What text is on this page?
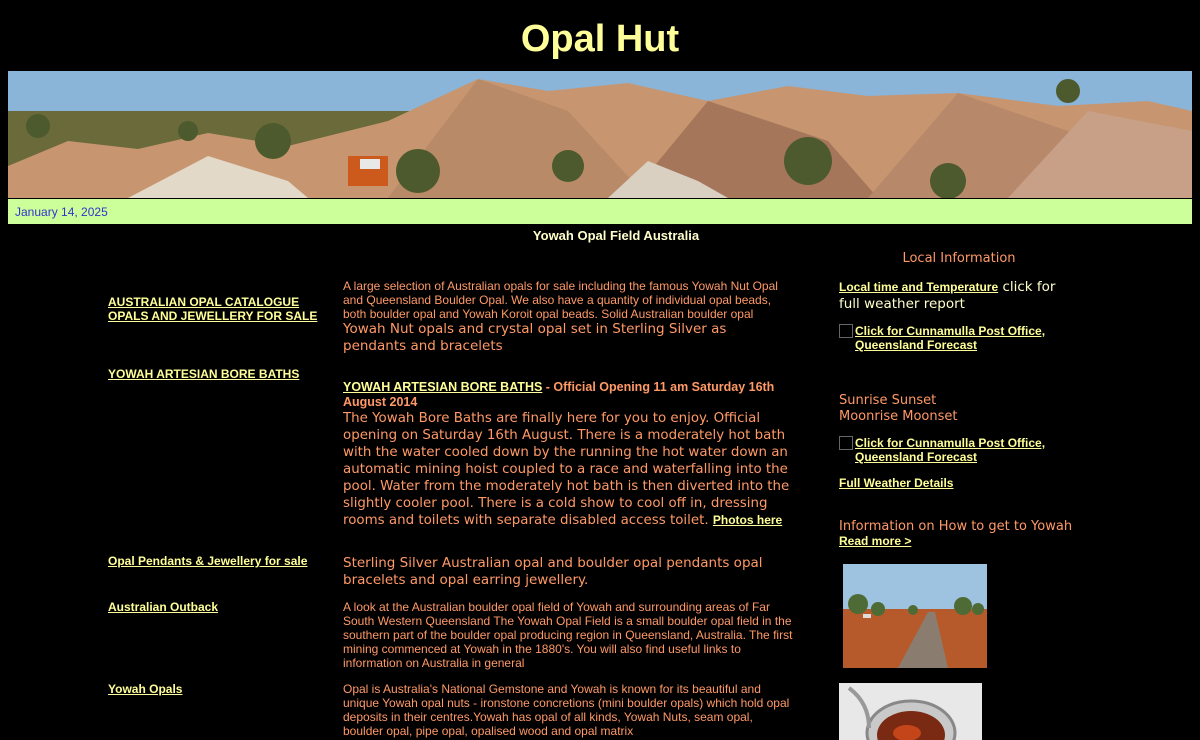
Opal Hut
January 14, 2025
Yowah Opal Field Australia
AUSTRALIAN OPAL CATALOGUE OPALS AND JEWELLERY FOR SALE
YOWAH ARTESIAN BORE BATHS
Opal Pendants & Jewellery for sale
Australian Outback
Yowah Opals
A large selection of Australian opals for sale including the famous Yowah Nut Opal and Queensland Boulder Opal. We also have a quantity of individual opal beads, both boulder opal and Yowah Koroit opal beads. Solid Australian boulder opal
Yowah Nut opals and crystal opal set in Sterling Silver as pendants and bracelets
YOWAH ARTESIAN BORE BATHS - Official Opening 11 am Saturday 16th August 2014
The Yowah Bore Baths are finally here for you to enjoy. Official opening on Saturday 16th August. There is a moderately hot bath with the water cooled down by the running the hot water down an automatic mining hoist coupled to a race and waterfalling into the pool. Water from the moderately hot bath is then diverted into the slightly cooler pool. There is a cold show to cool off in, dressing rooms and toilets with separate disabled access toilet. Photos here
Sterling Silver Australian opal and boulder opal pendants opal bracelets and opal earring jewellery.
A look at the Australian boulder opal field of Yowah and surrounding areas of Far South Western Queensland The Yowah Opal Field is a small boulder opal field in the southern part of the boulder opal producing region in Queensland, Australia. The first mining commenced at Yowah in the 1880's. You will also find useful links to information on Australia in general
Opal is Australia's National Gemstone and Yowah is known for its beautiful and unique Yowah opal nuts - ironstone concretions (mini boulder opals) which hold opal deposits in their centres.Yowah has opal of all kinds, Yowah Nuts, seam opal, boulder opal, pipe opal, opalised wood and opal matrix
Local Information
Local time and Temperature click for full weather report
Click for Cunnamulla Post Office, Queensland Forecast
Sunrise Sunset
Moonrise Moonset
Click for Cunnamulla Post Office, Queensland Forecast
Full Weather Details
Information on How to get to Yowah
Read more >
